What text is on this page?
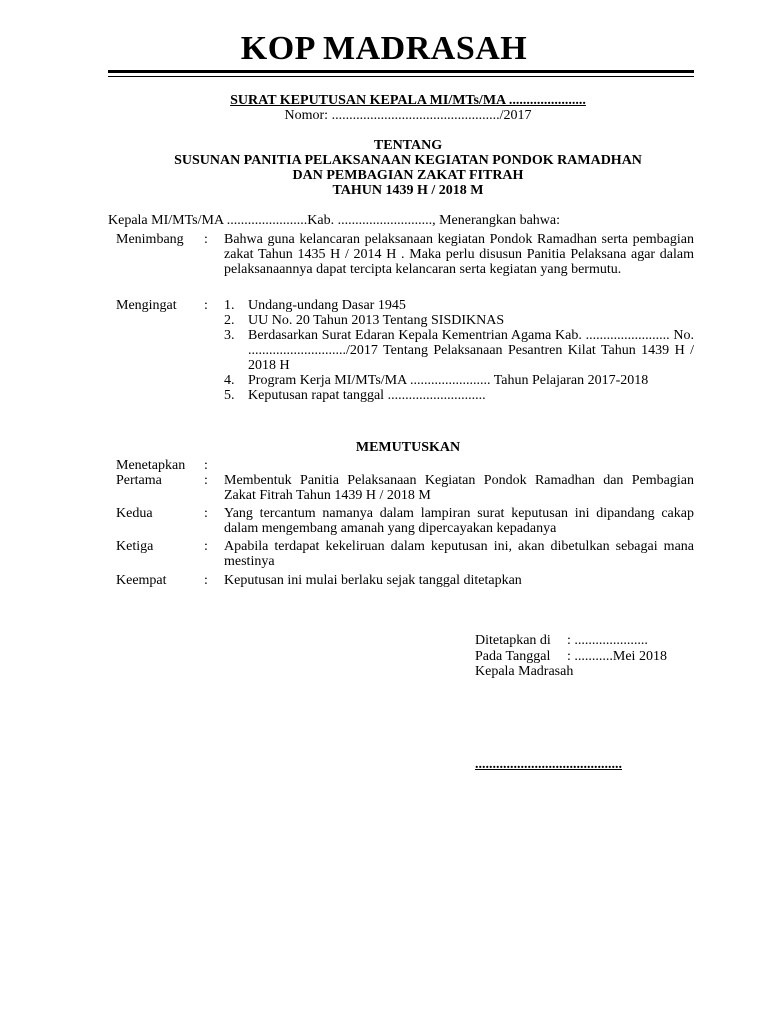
KOP MADRASAH
SURAT KEPUTUSAN KEPALA MI/MTs/MA ......................
Nomor: ................................................/2017
TENTANG
SUSUNAN PANITIA PELAKSANAAN KEGIATAN PONDOK RAMADHAN
DAN PEMBAGIAN ZAKAT FITRAH
TAHUN 1439 H / 2018 M
Kepala MI/MTs/MA .......................Kab. ..........................., Menerangkan bahwa:
Menimbang	:	Bahwa guna kelancaran pelaksanaan kegiatan Pondok Ramadhan serta pembagian zakat Tahun 1435 H / 2014 H . Maka perlu disusun Panitia Pelaksana agar dalam pelaksanaannya dapat tercipta kelancaran serta kegiatan yang bermutu.
Mengingat	:	1. Undang-undang Dasar 1945
2. UU No. 20 Tahun 2013 Tentang SISDIKNAS
3. Berdasarkan Surat Edaran Kepala Kementrian Agama Kab. ........................ No. ............................/2017 Tentang Pelaksanaan Pesantren Kilat Tahun 1439 H / 2018 H
4. Program Kerja MI/MTs/MA ....................... Tahun Pelajaran 2017-2018
5. Keputusan rapat tanggal ............................
MEMUTUSKAN
Menetapkan	:
Pertama	:	Membentuk Panitia Pelaksanaan Kegiatan Pondok Ramadhan dan Pembagian Zakat Fitrah Tahun 1439 H / 2018 M
Kedua	:	Yang tercantum namanya dalam lampiran surat keputusan ini dipandang cakap dalam mengembang amanah yang dipercayakan kepadanya
Ketiga	:	Apabila terdapat kekeliruan dalam keputusan ini, akan dibetulkan sebagai mana mestinya
Keempat	:	Keputusan ini mulai berlaku sejak tanggal ditetapkan
Ditetapkan di : .....................
Pada Tanggal : ...........Mei 2018
Kepala Madrasah
..........................................
